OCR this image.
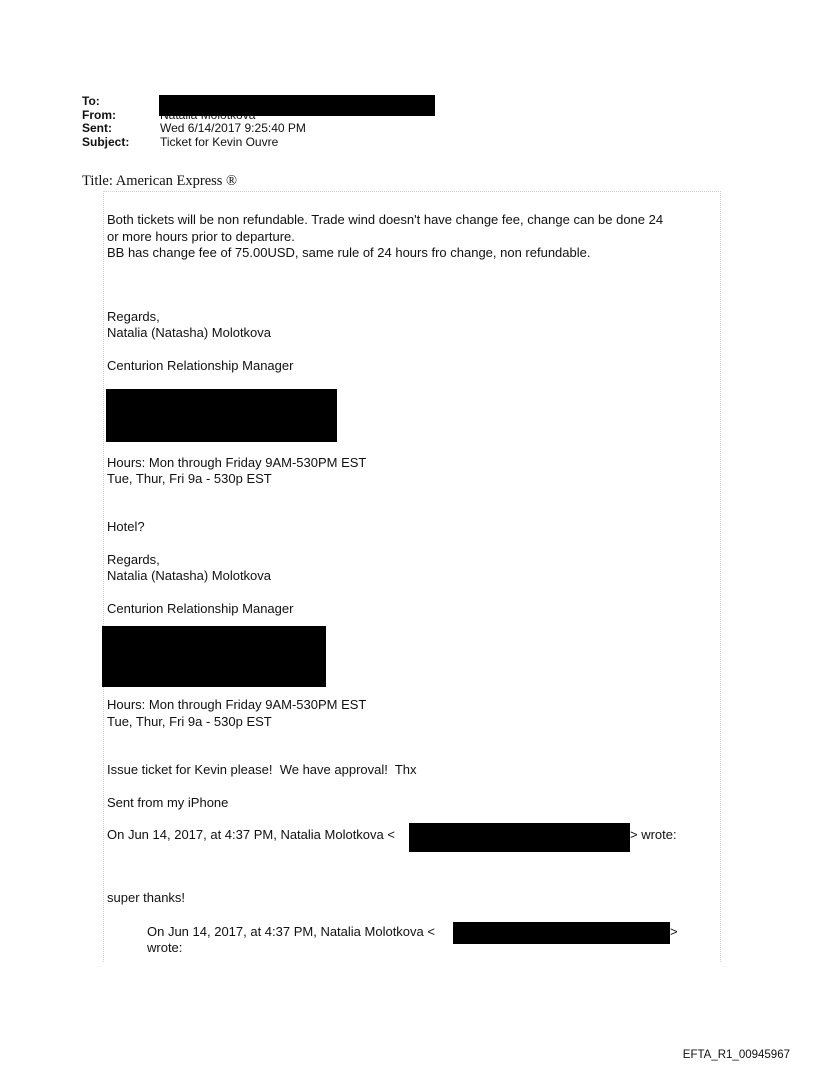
To:
From:
Sent:	Wed 6/14/2017 9:25:40 PM
Subject:	Ticket for Kevin Ouvre
Title: American Express ®
Both tickets will be non refundable. Trade wind doesn't have change fee, change can be done 24
or more hours prior to departure.
BB has change fee of 75.00USD, same rule of 24 hours fro change, non refundable.
Regards,
Natalia (Natasha) Molotkova
Centurion Relationship Manager
Hours: Mon through Friday 9AM-530PM EST
Tue, Thur, Fri 9a - 530p EST
Hotel?
Regards,
Natalia (Natasha) Molotkova
Centurion Relationship Manager
Hours: Mon through Friday 9AM-530PM EST
Tue, Thur, Fri 9a - 530p EST
Issue ticket for Kevin please!  We have approval!  Thx
Sent from my iPhone
On Jun 14, 2017, at 4:37 PM, Natalia Molotkova <	> wrote:
super thanks!
On Jun 14, 2017, at 4:37 PM, Natalia Molotkova <	>
wrote:
EFTA_R1_00945967
